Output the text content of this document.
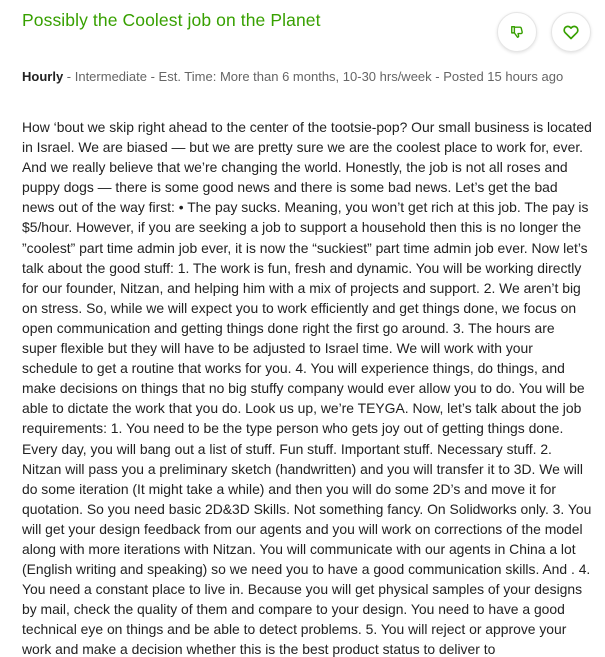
Possibly the Coolest job on the Planet
Hourly - Intermediate - Est. Time: More than 6 months, 10-30 hrs/week - Posted 15 hours ago

How ‘bout we skip right ahead to the center of the tootsie-pop? Our small business is located in Israel. We are biased — but we are pretty sure we are the coolest place to work for, ever. And we really believe that we’re changing the world. Honestly, the job is not all roses and puppy dogs — there is some good news and there is some bad news. Let’s get the bad news out of the way first: • The pay sucks. Meaning, you won’t get rich at this job. The pay is $5/hour. However, if you are seeking a job to support a household then this is no longer the ”coolest” part time admin job ever, it is now the “suckiest” part time admin job ever. Now let’s talk about the good stuff: 1. The work is fun, fresh and dynamic. You will be working directly for our founder, Nitzan, and helping him with a mix of projects and support. 2. We aren’t big on stress. So, while we will expect you to work efficiently and get things done, we focus on open communication and getting things done right the first go around. 3. The hours are super flexible but they will have to be adjusted to Israel time. We will work with your schedule to get a routine that works for you. 4. You will experience things, do things, and make decisions on things that no big stuffy company would ever allow you to do. You will be able to dictate the work that you do. Look us up, we’re TEYGA. Now, let’s talk about the job requirements: 1. You need to be the type person who gets joy out of getting things done. Every day, you will bang out a list of stuff. Fun stuff. Important stuff. Necessary stuff. 2. Nitzan will pass you a preliminary sketch (handwritten) and you will transfer it to 3D. We will do some iteration (It might take a while) and then you will do some 2D’s and move it for quotation. So you need basic 2D&3D Skills. Not something fancy. On Solidworks only. 3. You will get your design feedback from our agents and you will work on corrections of the model along with more iterations with Nitzan. You will communicate with our agents in China a lot (English writing and speaking) so we need you to have a good communication skills. And . 4. You need a constant place to live in. Because you will get physical samples of your designs by mail, check the quality of them and compare to your design. You need to have a good technical eye on things and be able to detect problems. 5. You will reject or approve your work and make a decision whether this is the best product status to deliver to
